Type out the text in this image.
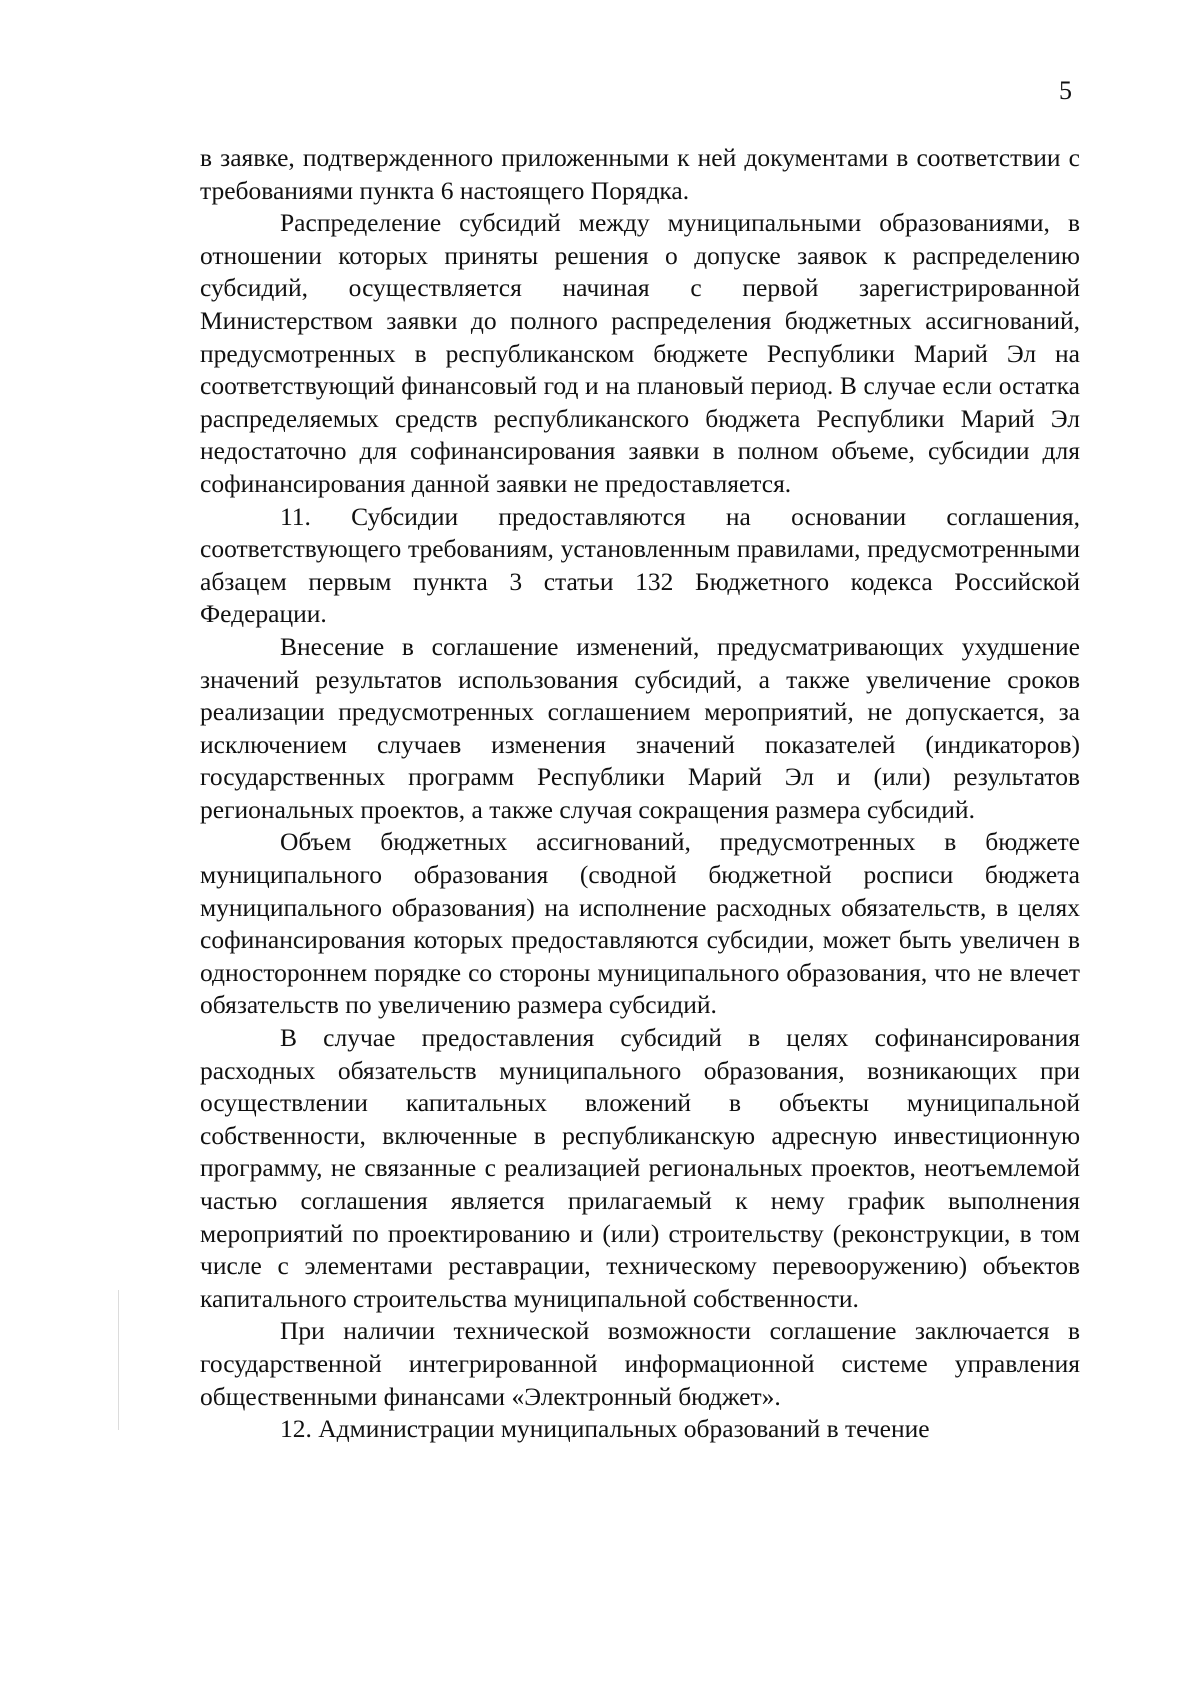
5

в заявке, подтвержденного приложенными к ней документами в соответствии с требованиями пункта 6 настоящего Порядка.

Распределение субсидий между муниципальными образованиями, в отношении которых приняты решения о допуске заявок к распределению субсидий, осуществляется начиная с первой зарегистрированной Министерством заявки до полного распределения бюджетных ассигнований, предусмотренных в республиканском бюджете Республики Марий Эл на соответствующий финансовый год и на плановый период. В случае если остатка распределяемых средств республиканского бюджета Республики Марий Эл недостаточно для софинансирования заявки в полном объеме, субсидии для софинансирования данной заявки не предоставляется.

11. Субсидии предоставляются на основании соглашения, соответствующего требованиям, установленным правилами, предусмотренными абзацем первым пункта 3 статьи 132 Бюджетного кодекса Российской Федерации.

Внесение в соглашение изменений, предусматривающих ухудшение значений результатов использования субсидий, а также увеличение сроков реализации предусмотренных соглашением мероприятий, не допускается, за исключением случаев изменения значений показателей (индикаторов) государственных программ Республики Марий Эл и (или) результатов региональных проектов, а также случая сокращения размера субсидий.

Объем бюджетных ассигнований, предусмотренных в бюджете муниципального образования (сводной бюджетной росписи бюджета муниципального образования) на исполнение расходных обязательств, в целях софинансирования которых предоставляются субсидии, может быть увеличен в одностороннем порядке со стороны муниципального образования, что не влечет обязательств по увеличению размера субсидий.

В случае предоставления субсидий в целях софинансирования расходных обязательств муниципального образования, возникающих при осуществлении капитальных вложений в объекты муниципальной собственности, включенные в республиканскую адресную инвестиционную программу, не связанные с реализацией региональных проектов, неотъемлемой частью соглашения является прилагаемый к нему график выполнения мероприятий по проектированию и (или) строительству (реконструкции, в том числе с элементами реставрации, техническому перевооружению) объектов капитального строительства муниципальной собственности.

При наличии технической возможности соглашение заключается в государственной интегрированной информационной системе управления общественными финансами «Электронный бюджет».

12. Администрации муниципальных образований в течение
